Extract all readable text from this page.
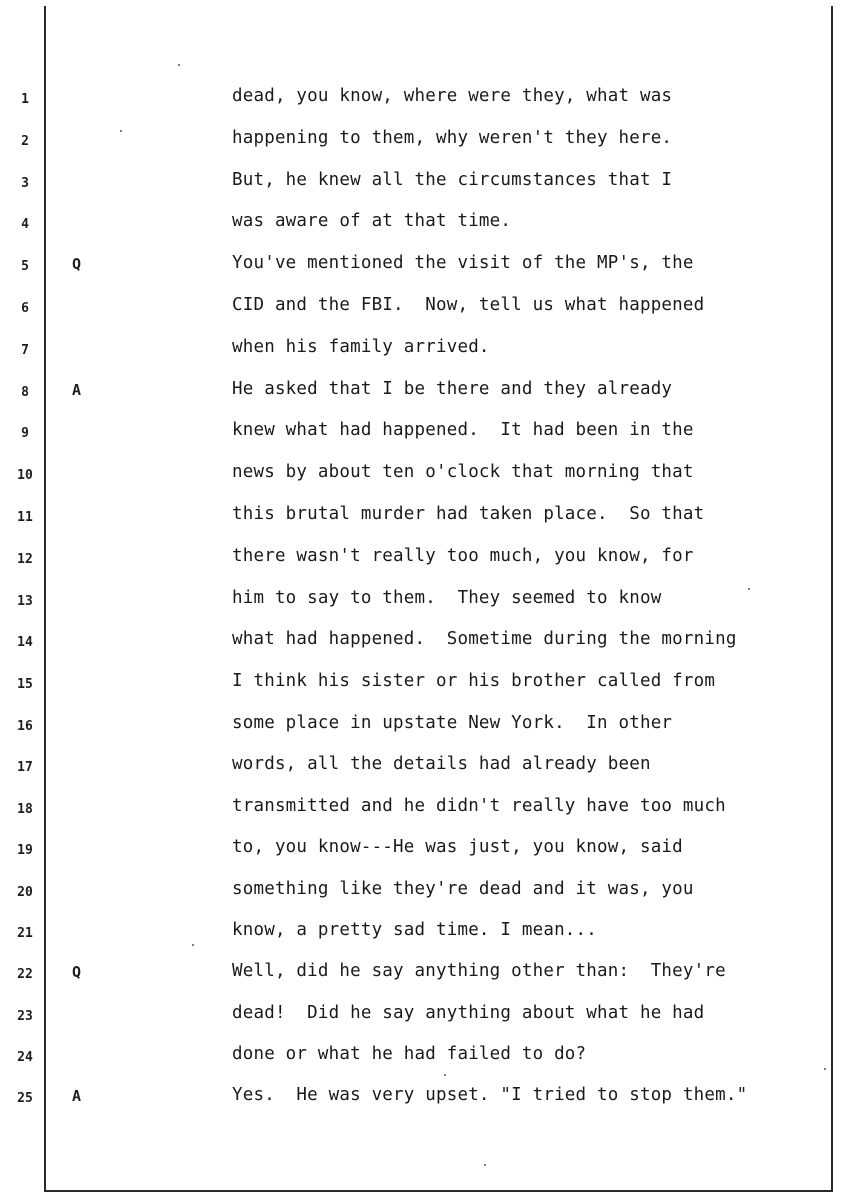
1
2
3
4
5
6
7
8
9
10
11
12
13
14
15
16
17
18
19
20
21
22
23
24
25
Q
A
Q
A
dead, you know, where were they, what was
happening to them, why weren't they here.
But, he knew all the circumstances that I
was aware of at that time.
You've mentioned the visit of the MP's, the
CID and the FBI.  Now, tell us what happened
when his family arrived.
He asked that I be there and they already
knew what had happened.  It had been in the
news by about ten o'clock that morning that
this brutal murder had taken place.  So that
there wasn't really too much, you know, for
him to say to them.  They seemed to know
what had happened.  Sometime during the morning
I think his sister or his brother called from
some place in upstate New York.  In other
words, all the details had already been
transmitted and he didn't really have too much
to, you know---He was just, you know, said
something like they're dead and it was, you
know, a pretty sad time. I mean...
Well, did he say anything other than:  They're
dead!  Did he say anything about what he had
done or what he had failed to do?
Yes.  He was very upset. "I tried to stop them."
